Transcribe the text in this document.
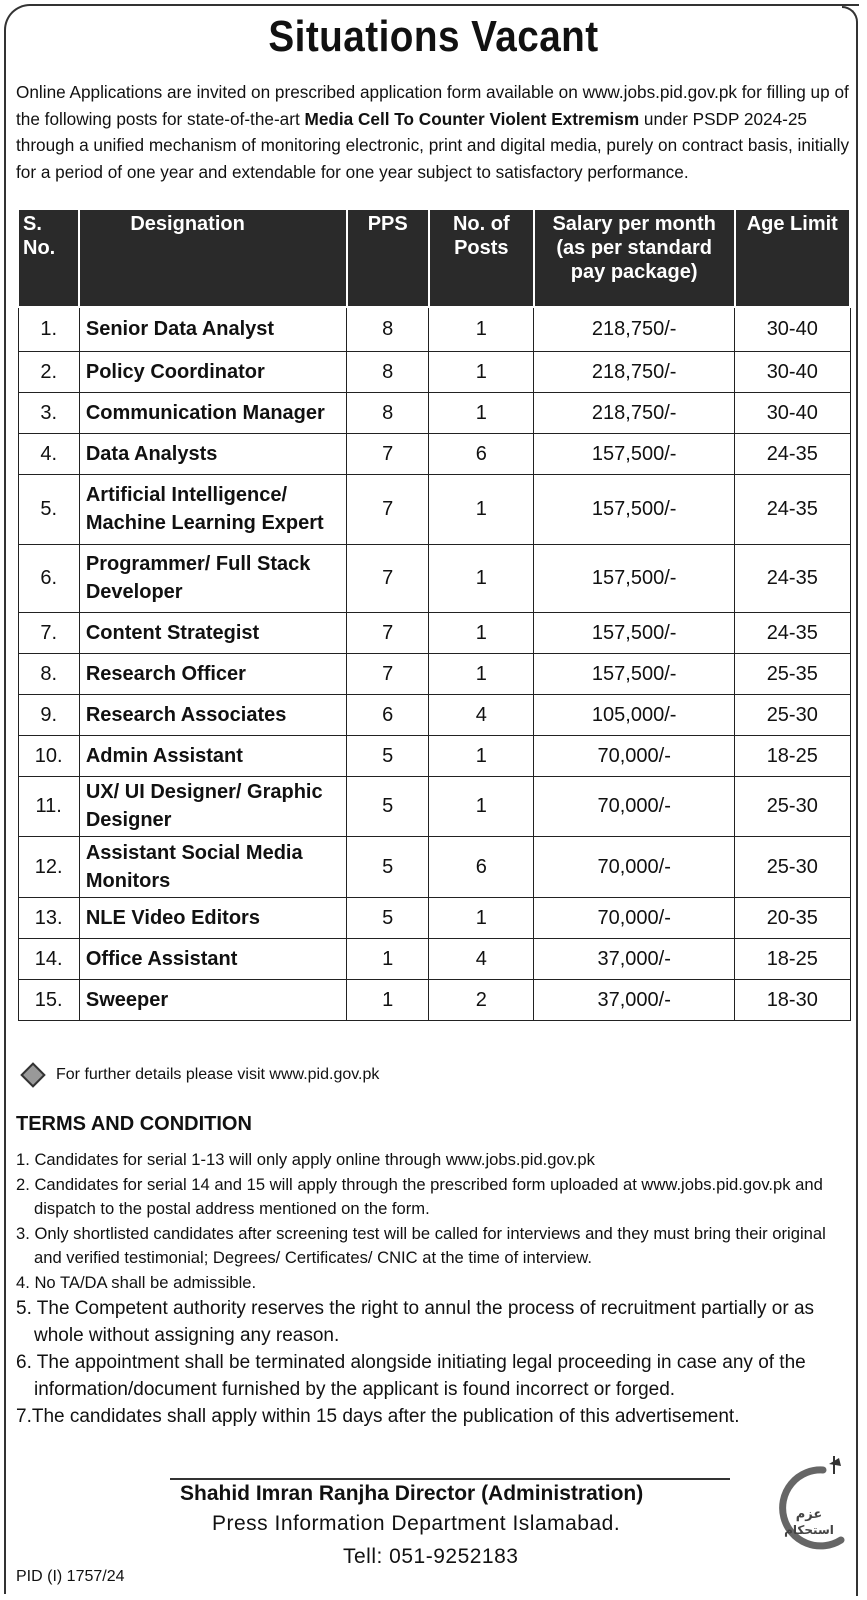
Situations Vacant
Online Applications are invited on prescribed application form available on www.jobs.pid.gov.pk for filling up of the following posts for state-of-the-art Media Cell To Counter Violent Extremism under PSDP 2024-25 through a unified mechanism of monitoring electronic, print and digital media, purely on contract basis, initially for a period of one year and extendable for one year subject to satisfactory performance.
S. No.	Designation	PPS	No. of Posts	Salary per month (as per standard pay package)	Age Limit
1.	Senior Data Analyst	8	1	218,750/-	30-40
2.	Policy Coordinator	8	1	218,750/-	30-40
3.	Communication Manager	8	1	218,750/-	30-40
4.	Data Analysts	7	6	157,500/-	24-35
5.	Artificial Intelligence/ Machine Learning Expert	7	1	157,500/-	24-35
6.	Programmer/ Full Stack Developer	7	1	157,500/-	24-35
7.	Content Strategist	7	1	157,500/-	24-35
8.	Research Officer	7	1	157,500/-	25-35
9.	Research Associates	6	4	105,000/-	25-30
10.	Admin Assistant	5	1	70,000/-	18-25
11.	UX/ UI Designer/ Graphic Designer	5	1	70,000/-	25-30
12.	Assistant Social Media Monitors	5	6	70,000/-	25-30
13.	NLE Video Editors	5	1	70,000/-	20-35
14.	Office Assistant	1	4	37,000/-	18-25
15.	Sweeper	1	2	37,000/-	18-30
For further details please visit www.pid.gov.pk
TERMS AND CONDITION
1. Candidates for serial 1-13 will only apply online through www.jobs.pid.gov.pk
2. Candidates for serial 14 and 15 will apply through the prescribed form uploaded at www.jobs.pid.gov.pk and dispatch to the postal address mentioned on the form.
3. Only shortlisted candidates after screening test will be called for interviews and they must bring their original and verified testimonial; Degrees/ Certificates/ CNIC at the time of interview.
4. No TA/DA shall be admissible.
5. The Competent authority reserves the right to annul the process of recruitment partially or as whole without assigning any reason.
6. The appointment shall be terminated alongside initiating legal proceeding in case any of the information/document furnished by the applicant is found incorrect or forged.
7.The candidates shall apply within 15 days after the publication of this advertisement.
Shahid Imran Ranjha Director (Administration)
Press Information Department Islamabad.
Tell: 051-9252183
PID (I) 1757/24
عزم
استحکام
